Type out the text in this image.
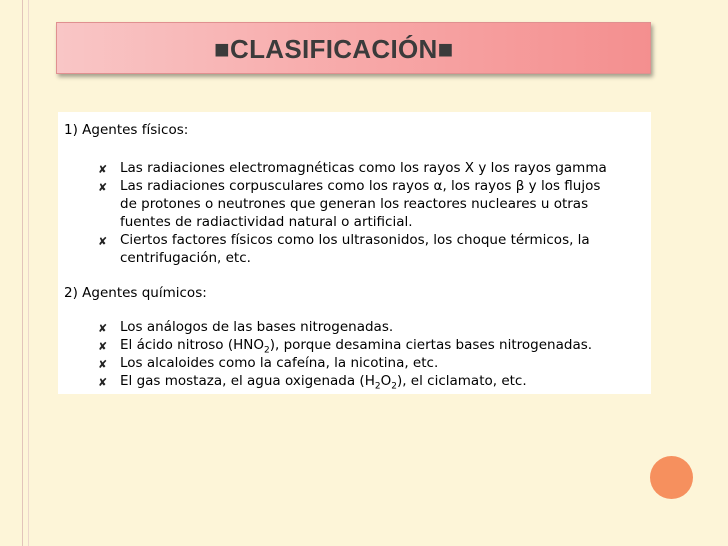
■CLASIFICACIÓN■
1) Agentes físicos:
✘ Las radiaciones electromagnéticas como los rayos X y los rayos gamma
✘ Las radiaciones corpusculares como los rayos α, los rayos β y los flujos
de protones o neutrones que generan los reactores nucleares u otras
fuentes de radiactividad natural o artificial.
✘ Ciertos factores físicos como los ultrasonidos, los choque térmicos, la
centrifugación, etc.
2) Agentes químicos:
✘ Los análogos de las bases nitrogenadas.
✘ El ácido nitroso $(HNO_2)$, porque desamina ciertas bases nitrogenadas.
✘ Los alcaloides como la cafeína, la nicotina, etc.
✘ El gas mostaza, el agua oxigenada $(H_2O_2)$, el ciclamato, etc.
